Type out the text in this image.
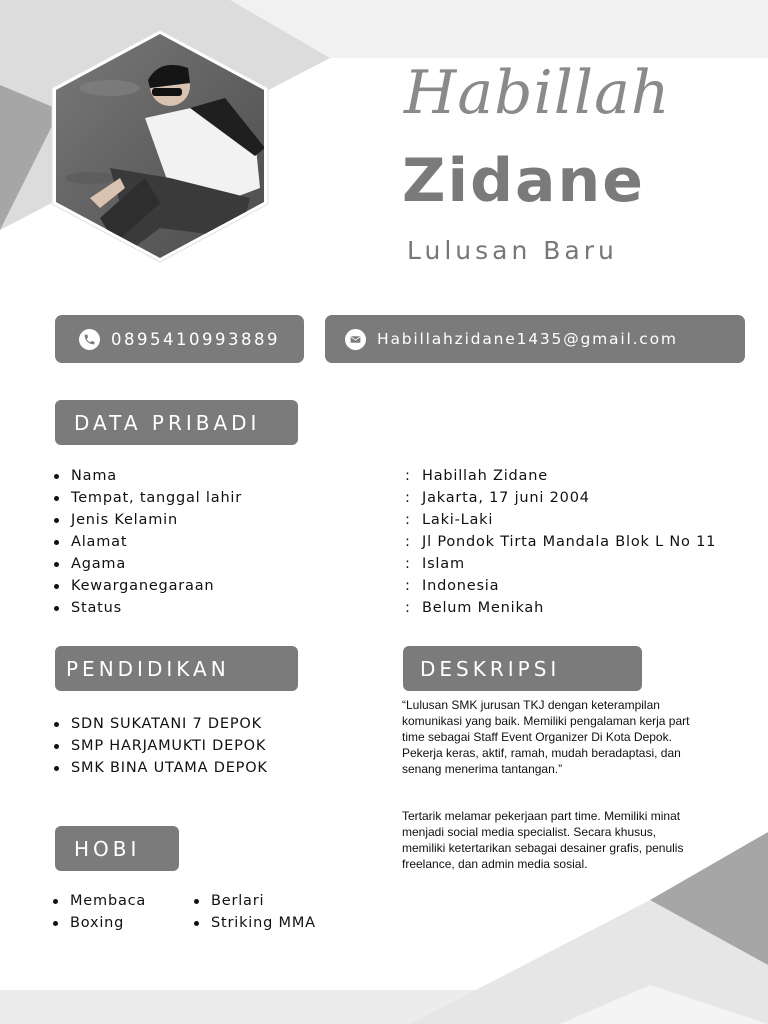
Habillah
Zidane
Lulusan Baru
0895410993889	Habillahzidane1435@gmail.com
DATA PRIBADI
Nama
Tempat, tanggal lahir
Jenis Kelamin
Alamat
Agama
Kewarganegaraan
Status
: Habillah Zidane
: Jakarta, 17 juni 2004
: Laki-Laki
: Jl Pondok Tirta Mandala Blok L No 11
: Islam
: Indonesia
: Belum Menikah
PENDIDIKAN
SDN SUKATANI 7 DEPOK
SMP HARJAMUKTI DEPOK
SMK BINA UTAMA DEPOK
DESKRIPSI

“Lulusan SMK jurusan TKJ dengan keterampilan komunikasi yang baik. Memiliki pengalaman kerja part time sebagai Staff Event Organizer Di Kota Depok. Pekerja keras, aktif, ramah, mudah beradaptasi, dan senang menerima tantangan.”

Tertarik melamar pekerjaan part time. Memiliki minat menjadi social media specialist. Secara khusus, memiliki ketertarikan sebagai desainer grafis, penulis freelance, dan admin media sosial.

HOBI
Membaca
Boxing
Berlari
Striking MMA
